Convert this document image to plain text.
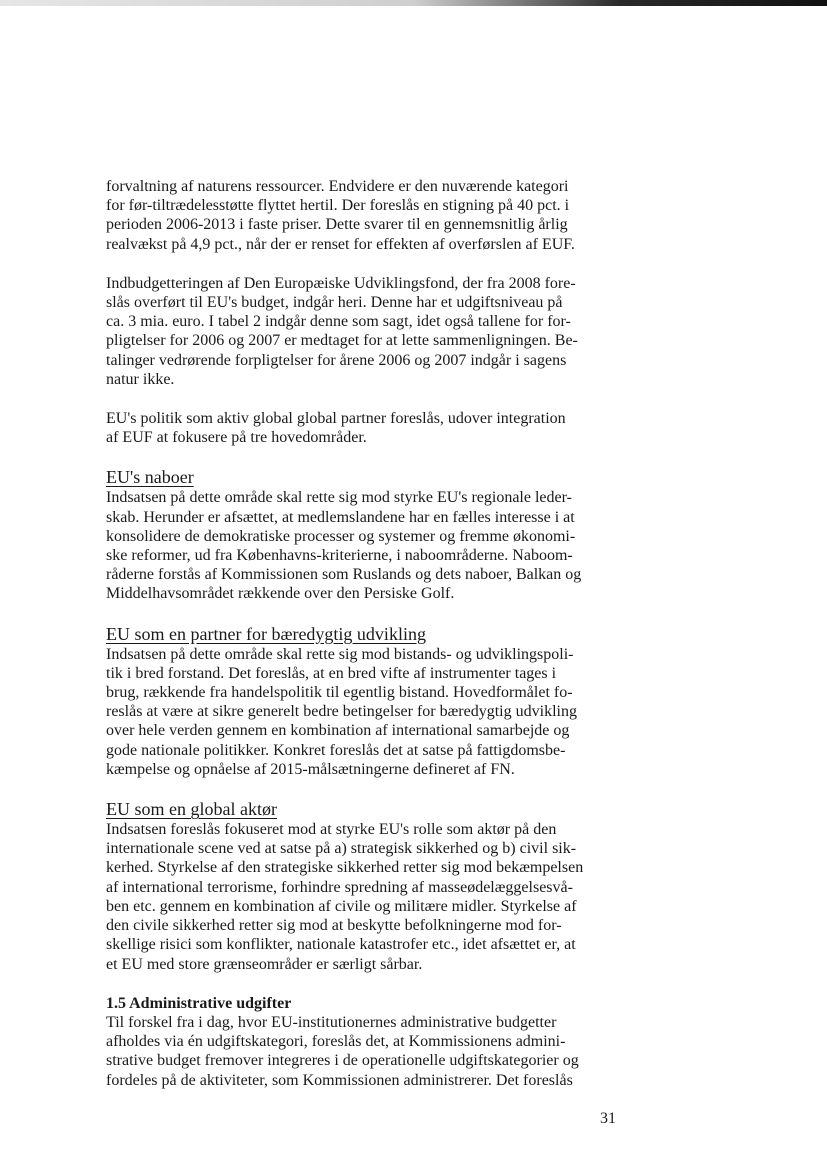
forvaltning af naturens ressourcer. Endvidere er den nuværende kategori

for før-tiltrædelesstøtte flyttet hertil. Der foreslås en stigning på 40 pct. i

perioden 2006-2013 i faste priser. Dette svarer til en gennemsnitlig årlig

realvækst på 4,9 pct., når der er renset for effekten af overførslen af EUF.

Indbudgetteringen af Den Europæiske Udviklingsfond, der fra 2008 fore-

slås overført til EU's budget, indgår heri. Denne har et udgiftsniveau på

ca. 3 mia. euro. I tabel 2 indgår denne som sagt, idet også tallene for for-

pligtelser for 2006 og 2007 er medtaget for at lette sammenligningen. Be-

talinger vedrørende forpligtelser for årene 2006 og 2007 indgår i sagens

natur ikke.

EU's politik som aktiv global global partner foreslås, udover integration

af EUF at fokusere på tre hovedområder.

EU's naboer

Indsatsen på dette område skal rette sig mod styrke EU's regionale leder-

skab. Herunder er afsættet, at medlemslandene har en fælles interesse i at

konsolidere de demokratiske processer og systemer og fremme økonomi-

ske reformer, ud fra Københavns-kriterierne, i naboområderne. Naboom-

råderne forstås af Kommissionen som Ruslands og dets naboer, Balkan og

Middelhavsområdet rækkende over den Persiske Golf.

EU som en partner for bæredygtig udvikling

Indsatsen på dette område skal rette sig mod bistands- og udviklingspoli-

tik i bred forstand. Det foreslås, at en bred vifte af instrumenter tages i

brug, rækkende fra handelspolitik til egentlig bistand. Hovedformålet fo-

reslås at være at sikre generelt bedre betingelser for bæredygtig udvikling

over hele verden gennem en kombination af international samarbejde og

gode nationale politikker. Konkret foreslås det at satse på fattigdomsbe-

kæmpelse og opnåelse af 2015-målsætningerne defineret af FN.

EU som en global aktør

Indsatsen foreslås fokuseret mod at styrke EU's rolle som aktør på den

internationale scene ved at satse på a) strategisk sikkerhed og b) civil sik-

kerhed. Styrkelse af den strategiske sikkerhed retter sig mod bekæmpelsen

af international terrorisme, forhindre spredning af masseødelæggelsesvå-

ben etc. gennem en kombination af civile og militære midler. Styrkelse af

den civile sikkerhed retter sig mod at beskytte befolkningerne mod for-

skellige risici som konflikter, nationale katastrofer etc., idet afsættet er, at

et EU med store grænseområder er særligt sårbar.

1.5 Administrative udgifter

Til forskel fra i dag, hvor EU-institutionernes administrative budgetter

afholdes via én udgiftskategori, foreslås det, at Kommissionens admini-

strative budget fremover integreres i de operationelle udgiftskategorier og

fordeles på de aktiviteter, som Kommissionen administrerer. Det foreslås

31
